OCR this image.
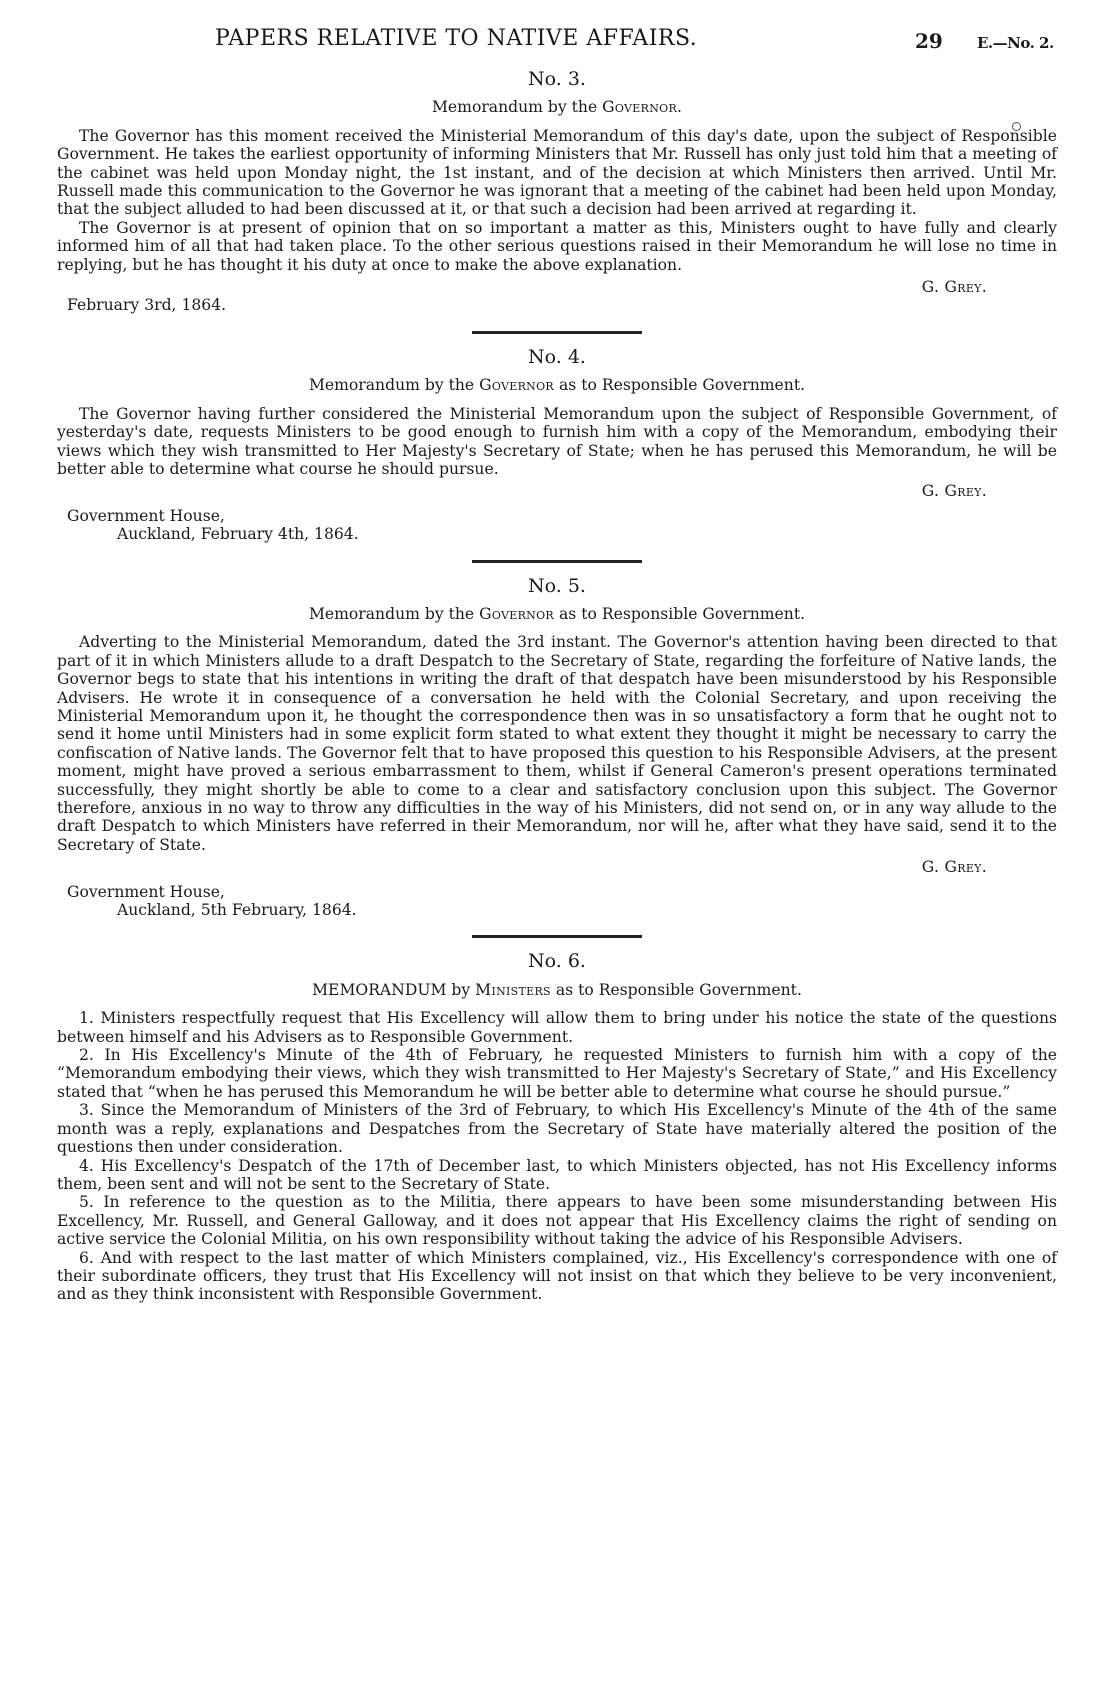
PAPERS RELATIVE TO NATIVE AFFAIRS.	29 E.—No. 2.
No. 3.
Memorandum by the Governor.

The Governor has this moment received the Ministerial Memorandum of this day's date, upon the subject of Responsible Government. He takes the earliest opportunity of informing Ministers that Mr. Russell has only just told him that a meeting of the cabinet was held upon Monday night, the 1st instant, and of the decision at which Ministers then arrived. Until Mr. Russell made this communication to the Governor he was ignorant that a meeting of the cabinet had been held upon Monday, that the subject alluded to had been discussed at it, or that such a decision had been arrived at regarding it.

The Governor is at present of opinion that on so important a matter as this, Ministers ought to have fully and clearly informed him of all that had taken place. To the other serious questions raised in their Memorandum he will lose no time in replying, but he has thought it his duty at once to make the above explanation.

G. Grey.

February 3rd, 1864.

No. 4.
Memorandum by the Governor as to Responsible Government.

The Governor having further considered the Ministerial Memorandum upon the subject of Responsible Government, of yesterday's date, requests Ministers to be good enough to furnish him with a copy of the Memorandum, embodying their views which they wish transmitted to Her Majesty's Secretary of State; when he has perused this Memorandum, he will be better able to determine what course he should pursue.

G. Grey.

Government House,

Auckland, February 4th, 1864.

No. 5.
Memorandum by the Governor as to Responsible Government.

Adverting to the Ministerial Memorandum, dated the 3rd instant. The Governor's attention having been directed to that part of it in which Ministers allude to a draft Despatch to the Secretary of State, regarding the forfeiture of Native lands, the Governor begs to state that his intentions in writing the draft of that despatch have been misunderstood by his Responsible Advisers. He wrote it in consequence of a conversation he held with the Colonial Secretary, and upon receiving the Ministerial Memorandum upon it, he thought the correspondence then was in so unsatisfactory a form that he ought not to send it home until Ministers had in some explicit form stated to what extent they thought it might be necessary to carry the confiscation of Native lands. The Governor felt that to have proposed this question to his Responsible Advisers, at the present moment, might have proved a serious embarrassment to them, whilst if General Cameron's present operations terminated successfully, they might shortly be able to come to a clear and satisfactory conclusion upon this subject. The Governor therefore, anxious in no way to throw any difficulties in the way of his Ministers, did not send on, or in any way allude to the draft Despatch to which Ministers have referred in their Memorandum, nor will he, after what they have said, send it to the Secretary of State.

G. Grey.

Government House,

Auckland, 5th February, 1864.

No. 6.
MEMORANDUM by Ministers as to Responsible Government.

1. Ministers respectfully request that His Excellency will allow them to bring under his notice the state of the questions between himself and his Advisers as to Responsible Government.

2. In His Excellency's Minute of the 4th of February, he requested Ministers to furnish him with a copy of the “Memorandum embodying their views, which they wish transmitted to Her Majesty's Secretary of State,” and His Excellency stated that “when he has perused this Memorandum he will be better able to determine what course he should pursue.”

3. Since the Memorandum of Ministers of the 3rd of February, to which His Excellency's Minute of the 4th of the same month was a reply, explanations and Despatches from the Secretary of State have materially altered the position of the questions then under consideration.

4. His Excellency's Despatch of the 17th of December last, to which Ministers objected, has not His Excellency informs them, been sent and will not be sent to the Secretary of State.

5. In reference to the question as to the Militia, there appears to have been some misunderstanding between His Excellency, Mr. Russell, and General Galloway, and it does not appear that His Excellency claims the right of sending on active service the Colonial Militia, on his own responsibility without taking the advice of his Responsible Advisers.

6. And with respect to the last matter of which Ministers complained, viz., His Excellency's correspondence with one of their subordinate officers, they trust that His Excellency will not insist on that which they believe to be very inconvenient, and as they think inconsistent with Responsible Government.
